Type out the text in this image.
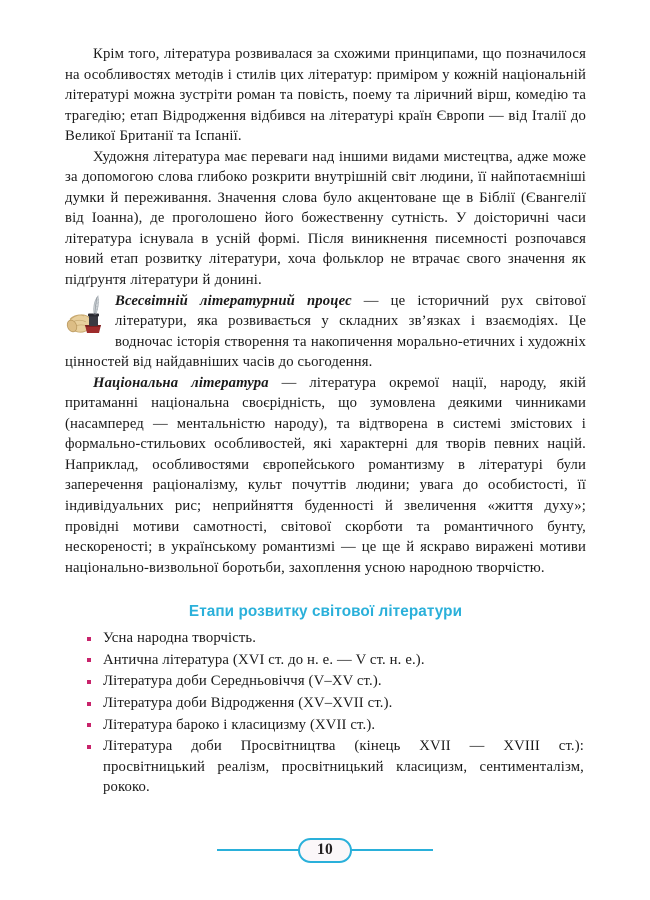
Крім того, література розвивалася за схожими принципами, що позначилося на особливостях методів і стилів цих літератур: приміром у кожній національній літературі можна зустріти роман та повість, поему та ліричний вірш, комедію та трагедію; етап Відродження відбився на літературі країн Європи — від Італії до Великої Британії та Іспанії.

Художня література має переваги над іншими видами мистецтва, адже може за допомогою слова глибоко розкрити внутрішній світ людини, її найпотаємніші думки й переживання. Значення слова було акцентоване ще в Біблії (Євангелії від Іоанна), де проголошено його божественну сутність. У доісторичні часи література існувала в усній формі. Після виникнення писемності розпочався новий етап розвитку літератури, хоча фольклор не втрачає свого значення як підґрунтя літератури й донині.

Всесвітній літературний процес — це історичний рух світової літератури, яка розвивається у складних зв’язках і взаємодіях. Це водночас історія створення та накопичення морально-етичних і художніх цінностей від найдавніших часів до сьогодення.
Національна література — література окремої нації, народу, якій притаманні національна своєрідність, що зумовлена деякими чинниками (насамперед — ментальністю народу), та відтворена в системі змістових і формально-стильових особливостей, які характерні для творів певних націй. Наприклад, особливостями європейського романтизму в літературі були заперечення раціоналізму, культ почуттів людини; увага до особистості, її індивідуальних рис; неприйняття буденності й звеличення «життя духу»; провідні мотиви самотності, світової скорботи та романтичного бунту, нескореності; в українському романтизмі — це ще й яскраво виражені мотиви національно-визвольної боротьби, захоплення усною народною творчістю.
Етапи розвитку світової літератури
Усна народна творчість.
Антична література (XVI ст. до н. е. — V ст. н. е.).
Література доби Середньовіччя (V–XV ст.).
Література доби Відродження (XV–XVII ст.).
Література бароко і класицизму (XVII ст.).
Література доби Просвітництва (кінець XVII — XVIII ст.): просвітницький реалізм, просвітницький класицизм, сентименталізм, рококо.
10
